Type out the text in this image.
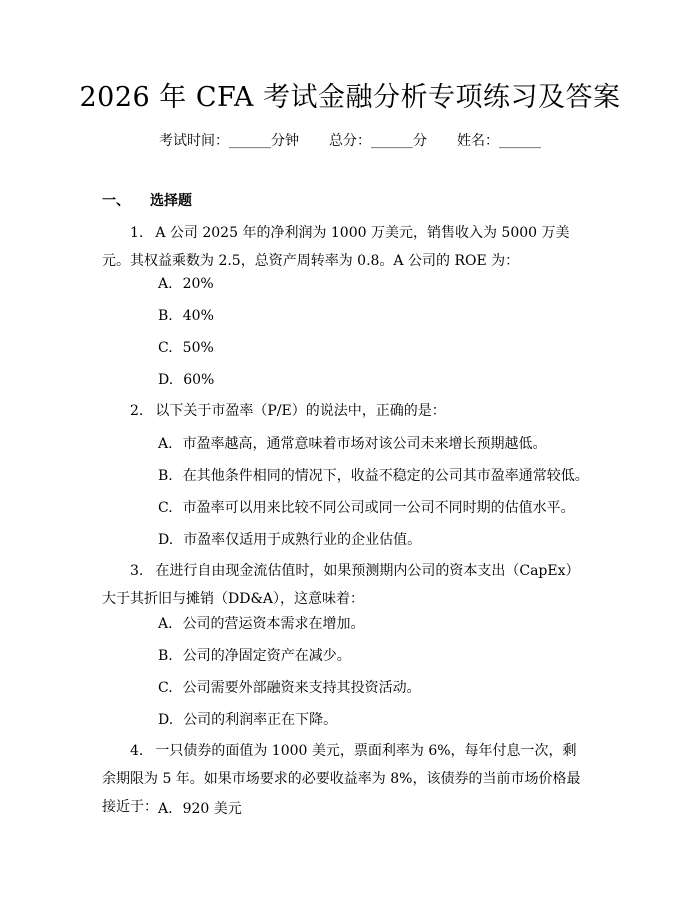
2026 年 CFA 考试金融分析专项练习及答案
考试时间：______分钟 总分：______分 姓名：______
一、 选择题
1. A 公司 2025 年的净利润为 1000 万美元，销售收入为 5000 万美元。其权益乘数为 2.5，总资产周转率为 0.8。A 公司的 ROE 为：
A. 20%
B. 40%
C. 50%
D. 60%
2. 以下关于市盈率（P/E）的说法中，正确的是：
A. 市盈率越高，通常意味着市场对该公司未来增长预期越低。
B. 在其他条件相同的情况下，收益不稳定的公司其市盈率通常较低。
C. 市盈率可以用来比较不同公司或同一公司不同时期的估值水平。
D. 市盈率仅适用于成熟行业的企业估值。
3. 在进行自由现金流估值时，如果预测期内公司的资本支出（CapEx）大于其折旧与摊销（DD&A），这意味着：
A. 公司的营运资本需求在增加。
B. 公司的净固定资产在减少。
C. 公司需要外部融资来支持其投资活动。
D. 公司的利润率正在下降。
4. 一只债券的面值为 1000 美元，票面利率为 6%，每年付息一次，剩余期限为 5 年。如果市场要求的必要收益率为 8%，该债券的当前市场价格最接近于： A. 920 美元
